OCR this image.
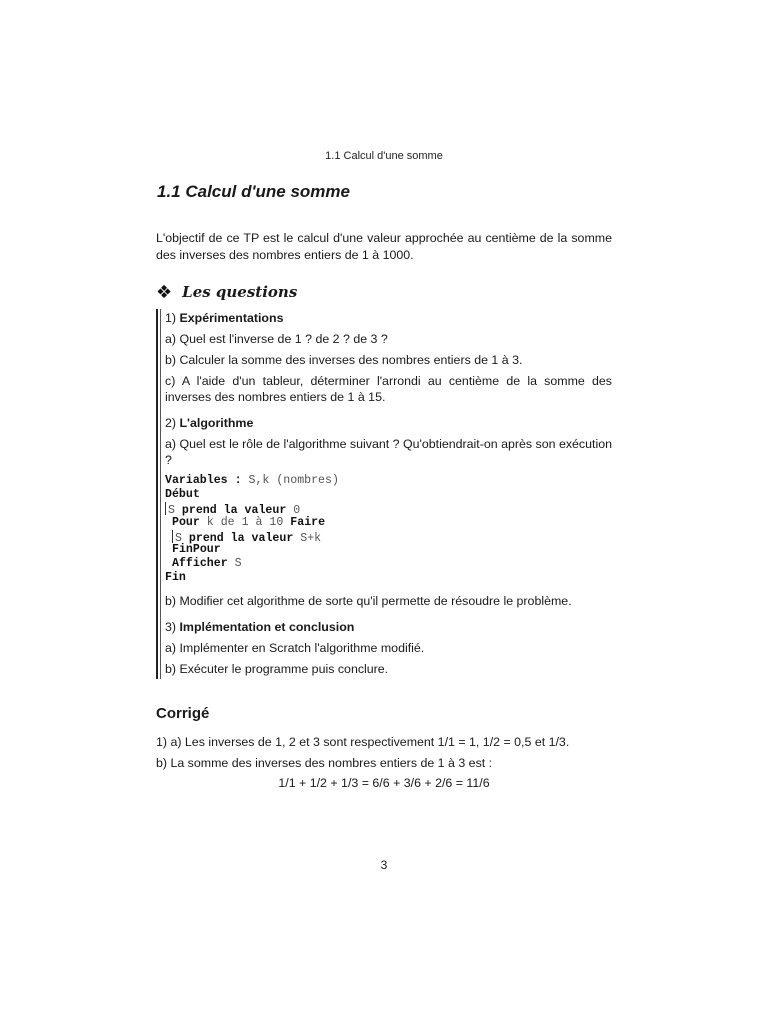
1.1 Calcul d'une somme
1.1 Calcul d'une somme

L'objectif de ce TP est le calcul d'une valeur approchée au centième de la somme des inverses des nombres entiers de 1 à 1000.

❖ Les questions
1) Expérimentations
a) Quel est l'inverse de 1 ? de 2 ? de 3 ?
b) Calculer la somme des inverses des nombres entiers de 1 à 3.
c) A l'aide d'un tableur, déterminer l'arrondi au centième de la somme des inverses des nombres entiers de 1 à 15.
2) L'algorithme
a) Quel est le rôle de l'algorithme suivant ? Qu'obtiendrait-on après son exécution ?
Variables : S,k (nombres)
Début
S prend la valeur 0
Pour k de 1 à 10 Faire
S prend la valeur S+k
FinPour
Afficher S
Fin
b) Modifier cet algorithme de sorte qu'il permette de résoudre le problème.
3) Implémentation et conclusion
a) Implémenter en Scratch l'algorithme modifié.
b) Exécuter le programme puis conclure.
Corrigé
1) a) Les inverses de 1, 2 et 3 sont respectivement 1/1 = 1, 1/2 = 0,5 et 1/3.
b) La somme des inverses des nombres entiers de 1 à 3 est :
1/1 + 1/2 + 1/3 = 6/6 + 3/6 + 2/6 = 11/6
3
